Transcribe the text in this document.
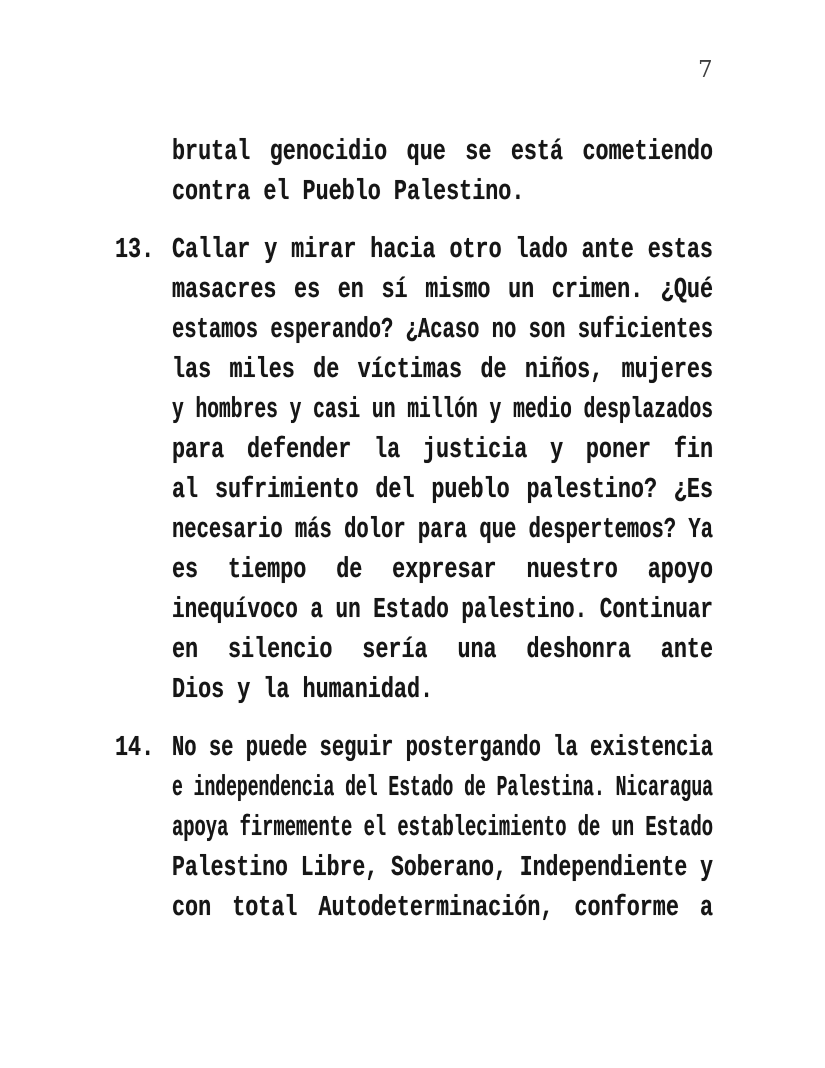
7
brutal genocidio que se está cometiendo
contra el Pueblo Palestino.
13. Callar y mirar hacia otro lado ante estas
masacres es en sí mismo un crimen. ¿Qué
estamos esperando? ¿Acaso no son suficientes
las miles de víctimas de niños, mujeres
y hombres y casi un millón y medio desplazados
para defender la justicia y poner fin
al sufrimiento del pueblo palestino? ¿Es
necesario más dolor para que despertemos? Ya
es tiempo de expresar nuestro apoyo
inequívoco a un Estado palestino. Continuar
en silencio sería una deshonra ante
Dios y la humanidad.
14. No se puede seguir postergando la existencia
e independencia del Estado de Palestina. Nicaragua
apoya firmemente el establecimiento de un Estado
Palestino Libre, Soberano, Independiente y
con total Autodeterminación, conforme a
